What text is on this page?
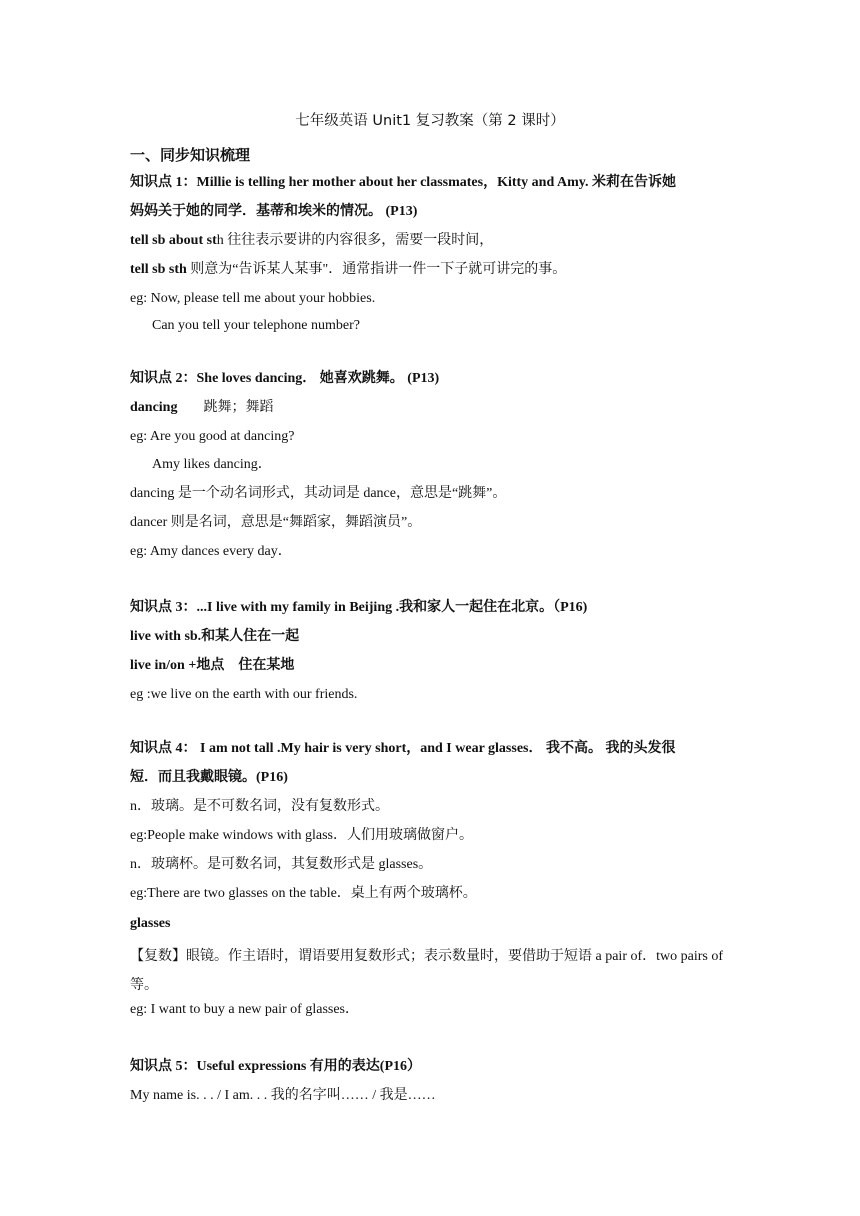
七年级英语 Unit1 复习教案（第 2 课时）
一、同步知识梳理
知识点 1：Millie is telling her mother about her classmates，Kitty and Amy. 米莉在告诉她
妈妈关于她的同学．基蒂和埃米的情况。 (P13)
tell sb about sth 往往表示要讲的内容很多，需要一段时间，
tell sb sth 则意为“告诉某人某事"．通常指讲一件一下子就可讲完的事。
eg: Now, please tell me about your hobbies.
Can you tell your telephone number?
知识点 2：She loves dancing． 她喜欢跳舞。 (P13)
dancing 跳舞；舞蹈
eg: Are you good at dancing?
Amy likes dancing．
dancing 是一个动名词形式，其动词是 dance，意思是“跳舞”。
dancer 则是名词，意思是“舞蹈家，舞蹈演员”。
eg: Amy dances every day．
知识点 3：...I live with my family in Beijing .我和家人一起住在北京。（P16)
live with sb.和某人住在一起
live in/on +地点 住在某地
eg :we live on the earth with our friends.
知识点 4： I am not tall .My hair is very short，and I wear glasses． 我不高。 我的头发很
短．而且我戴眼镜。(P16)
n．玻璃。是不可数名词，没有复数形式。
eg:People make windows with glass．人们用玻璃做窗户。
n．玻璃杯。是可数名词，其复数形式是 glasses。
eg:There are two glasses on the table．桌上有两个玻璃杯。
glasses
【复数】眼镜。作主语时，谓语要用复数形式；表示数量时，要借助于短语 a pair of．two pairs of 等。
eg: I want to buy a new pair of glasses．
知识点 5：Useful expressions 有用的表达(P16）
My name is. . . / I am. . . 我的名字叫…… / 我是……
